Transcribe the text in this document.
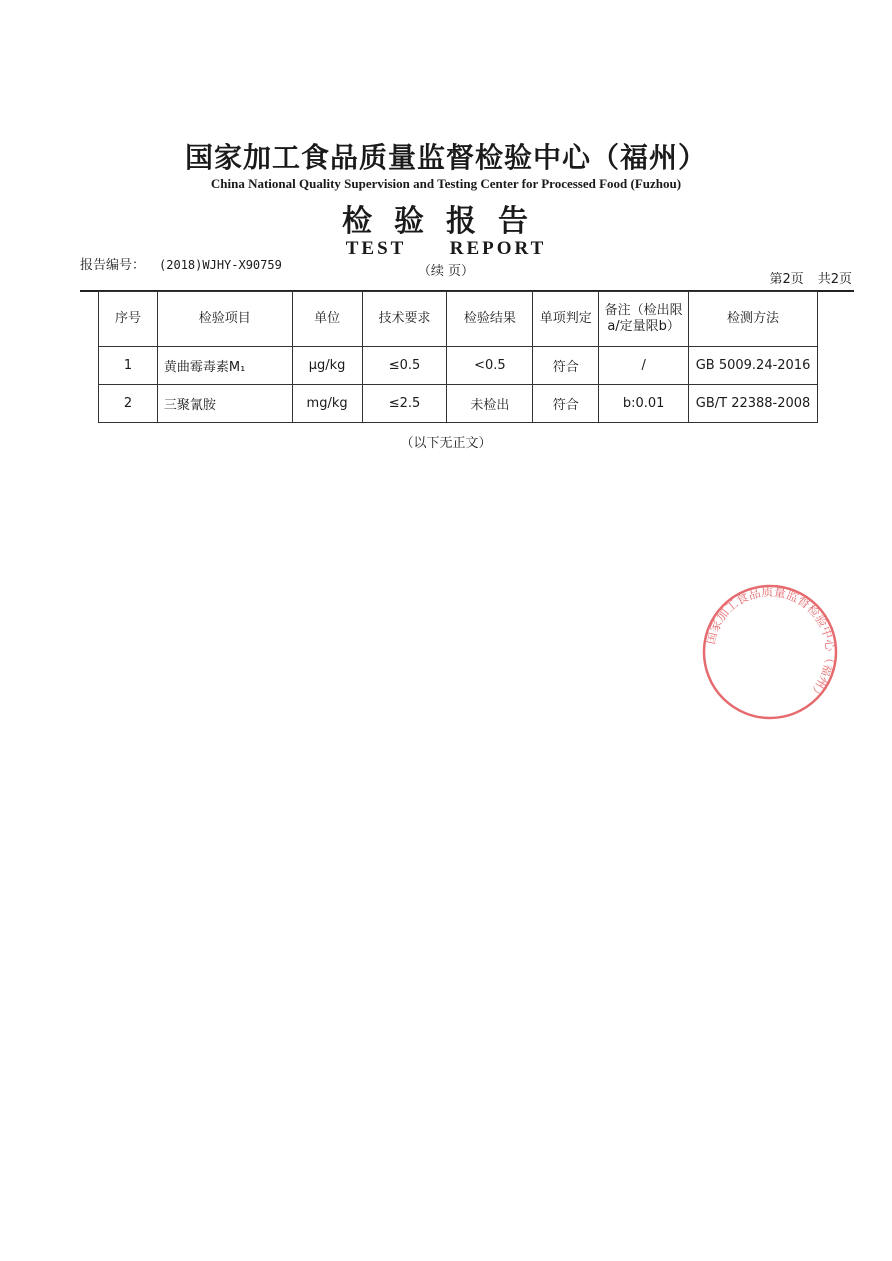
国家加工食品质量监督检验中心（福州）
China National Quality Supervision and Testing Center for Processed Food (Fuzhou)
检验报告
TEST REPORT
报告编号： (2018)WJHY-X90759	（续 页）
第2页 共2页
序号	检验项目	单位	技术要求	检验结果	单项判定	备注（检出限a/定量限b）	检测方法
1	黄曲霉毒素M₁	μg/kg	≤0.5	<0.5	符合	/	GB 5009.24-2016
2	三聚氰胺	mg/kg	≤2.5	未检出	符合	b:0.01	GB/T 22388-2008
（以下无正文）
国家加工食品质量监督检验中心（福州）
